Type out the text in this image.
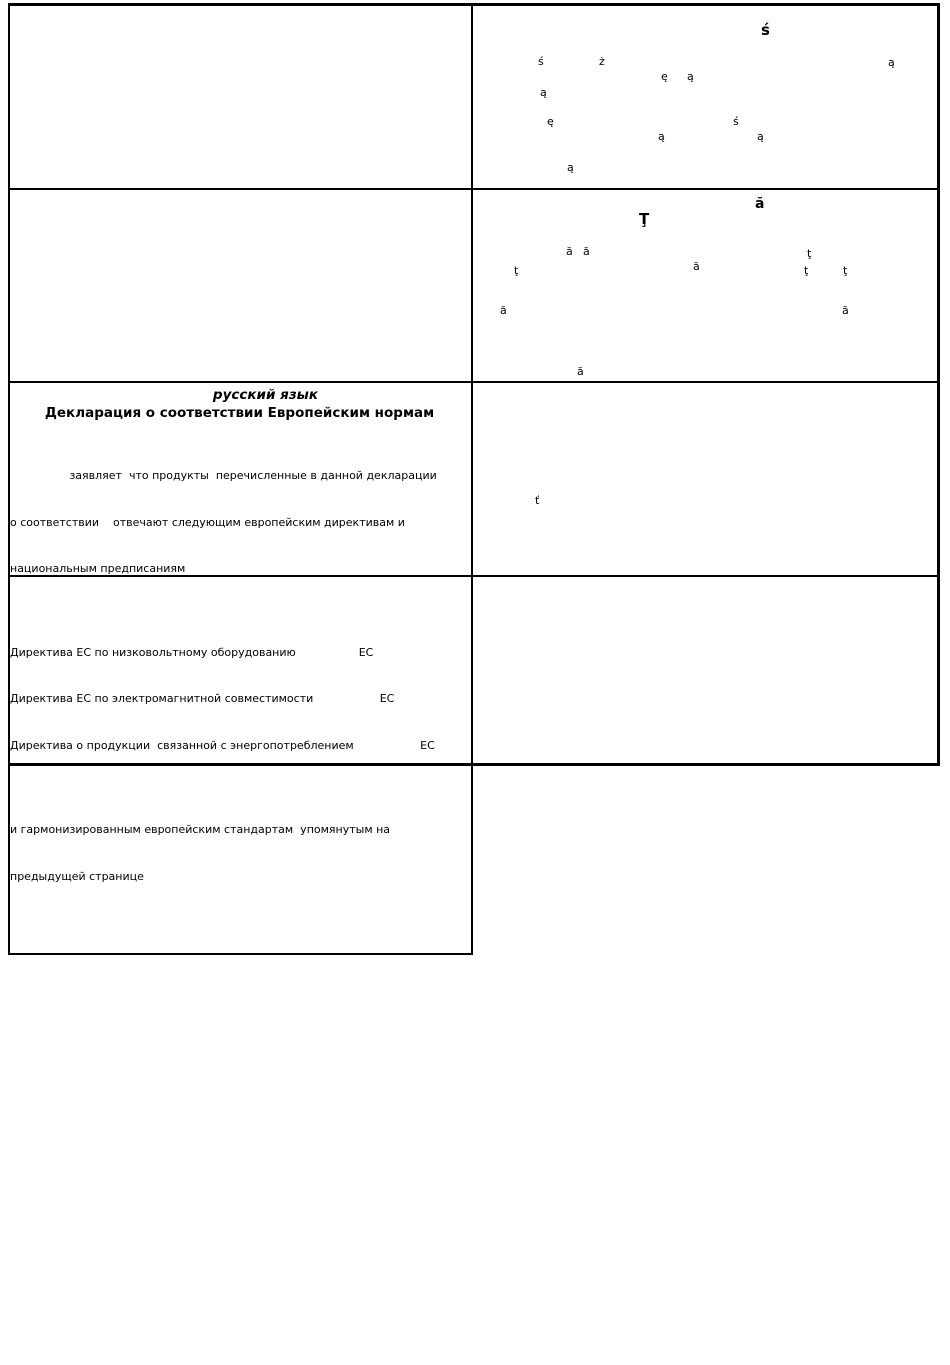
ś
ś	ż	ą
ę ą
ą
ę	ś
ą	ą
ą
ă
Ţ
ă ă	ţ
ţ	ă	ţ	ţ
ă	ă
ă
ť
русский язык
Декларация о соответствии Европейским нормам

заявляет  что продукты  перечисленные в данной декларации

о соответствии    отвечают следующим европейским директивам и

национальным предписаниям

Директива ЕС по низковольтному оборудованию                  ЕС

Директива ЕС по электромагнитной совместимости                   ЕС

Директива о продукции  связанной с энергопотреблением                   ЕС

и гармонизированным европейским стандартам  упомянутым на

предыдущей странице
